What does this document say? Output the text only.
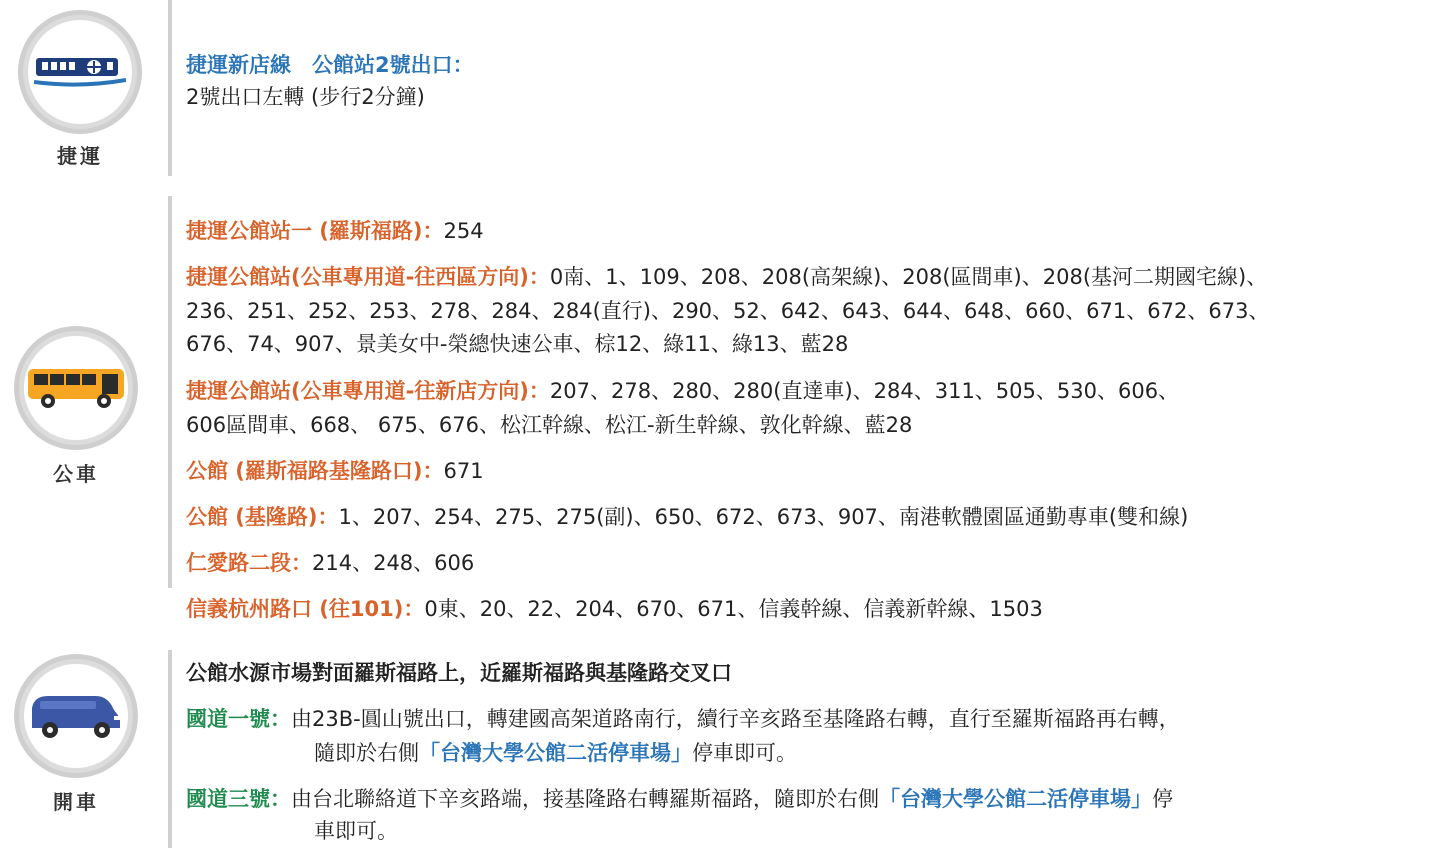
捷運
捷運新店線　公館站2號出口：
2號出口左轉 (步行2分鐘)
公車
捷運公館站一 (羅斯福路)：254
捷運公館站(公車專用道-往西區方向)：0南、1、109、208、208(高架線)、208(區間車)、208(基河二期國宅線)、
236、251、252、253、278、284、284(直行)、290、52、642、643、644、648、660、671、672、673、
676、74、907、景美女中-榮總快速公車、棕12、綠11、綠13、藍28
捷運公館站(公車專用道-往新店方向)：207、278、280、280(直達車)、284、311、505、530、606、
606區間車、668、 675、676、松江幹線、松江-新生幹線、敦化幹線、藍28
公館 (羅斯福路基隆路口)：671
公館 (基隆路)：1、207、254、275、275(副)、650、672、673、907、南港軟體園區通勤專車(雙和線)
仁愛路二段：214、248、606
信義杭州路口 (往101)：0東、20、22、204、670、671、信義幹線、信義新幹線、1503
開車
公館水源市場對面羅斯福路上，近羅斯福路與基隆路交叉口
國道一號：由23B-圓山號出口，轉建國高架道路南行，續行辛亥路至基隆路右轉，直行至羅斯福路再右轉，
隨即於右側「台灣大學公館二活停車場」停車即可。
國道三號：由台北聯絡道下辛亥路端，接基隆路右轉羅斯福路，隨即於右側「台灣大學公館二活停車場」停
車即可。
